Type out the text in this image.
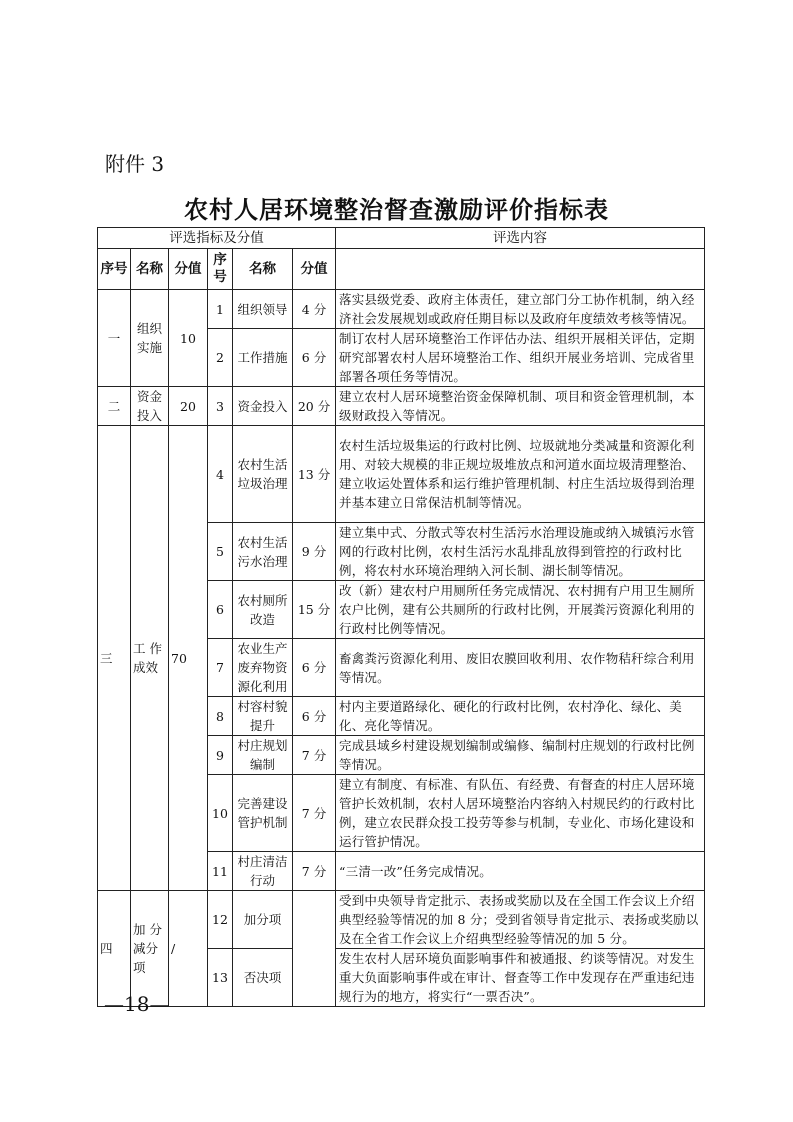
附件 3
农村人居环境整治督查激励评价指标表
评选指标及分值						评选内容
序号	名称	分值	序号	名称	分值	
一	组织实施	10	1	组织领导	4 分	落实县级党委、政府主体责任，建立部门分工协作机制，纳入经济社会发展规划或政府任期目标以及政府年度绩效考核等情况。
			2	工作措施	6 分	制订农村人居环境整治工作评估办法、组织开展相关评估，定期研究部署农村人居环境整治工作、组织开展业务培训、完成省里部署各项任务等情况。
二	资金投入	20	3	资金投入	20 分	建立农村人居环境整治资金保障机制、项目和资金管理机制，本级财政投入等情况。
三	工 作成效	70	4	农村生活垃圾治理	13 分	农村生活垃圾集运的行政村比例、垃圾就地分类减量和资源化利用、对较大规模的非正规垃圾堆放点和河道水面垃圾清理整治、建立收运处置体系和运行维护管理机制、村庄生活垃圾得到治理并基本建立日常保洁机制等情况。
			5	农村生活污水治理	9 分	建立集中式、分散式等农村生活污水治理设施或纳入城镇污水管网的行政村比例，农村生活污水乱排乱放得到管控的行政村比例，将农村水环境治理纳入河长制、湖长制等情况。
			6	农村厕所改造	15 分	改（新）建农村户用厕所任务完成情况、农村拥有户用卫生厕所农户比例，建有公共厕所的行政村比例，开展粪污资源化利用的行政村比例等情况。
			7	农业生产废弃物资源化利用	6 分	畜禽粪污资源化利用、废旧农膜回收利用、农作物秸秆综合利用等情况。
			8	村容村貌提升	6 分	村内主要道路绿化、硬化的行政村比例，农村净化、绿化、美化、亮化等情况。
			9	村庄规划编制	7 分	完成县域乡村建设规划编制或编修、编制村庄规划的行政村比例等情况。
			10	完善建设管护机制	7 分	建立有制度、有标准、有队伍、有经费、有督查的村庄人居环境管护长效机制，农村人居环境整治内容纳入村规民约的行政村比例，建立农民群众投工投劳等参与机制，专业化、市场化建设和运行管护情况。
			11	村庄清洁行动	7 分	“三清一改”任务完成情况。
四	加 分减分项	/	12	加分项		受到中央领导肯定批示、表扬或奖励以及在全国工作会议上介绍典型经验等情况的加 8 分；受到省领导肯定批示、表扬或奖励以及在全省工作会议上介绍典型经验等情况的加 5 分。
			13	否决项		发生农村人居环境负面影响事件和被通报、约谈等情况。对发生重大负面影响事件或在审计、督查等工作中发现存在严重违纪违规行为的地方，将实行“一票否决”。
—18—
